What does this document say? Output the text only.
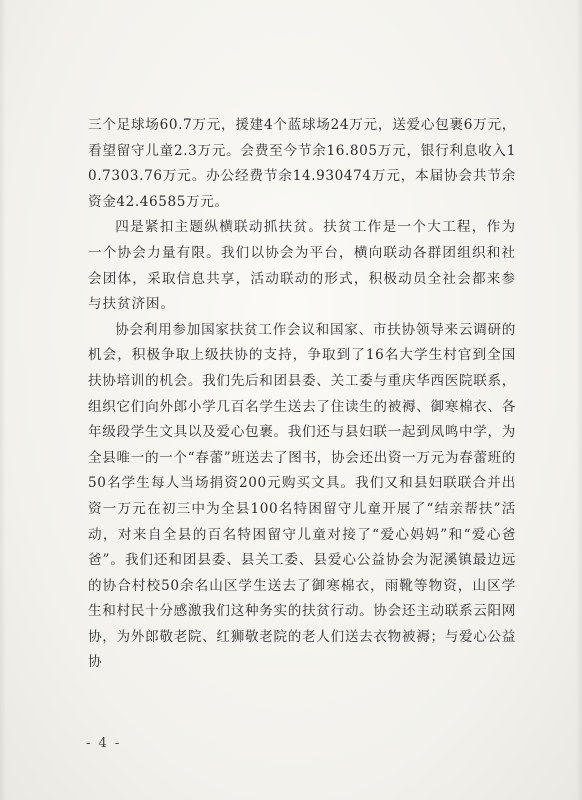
三个足球场60.7万元，援建4个蓝球场24万元，送爱心包裹6万元，看望留守儿童2.3万元。会费至今节余16.805万元，银行利息收入10.7303.76万元。办公经费节余14.930474万元，本届协会共节余资金42.46585万元。

四是紧扣主题纵横联动抓扶贫。扶贫工作是一个大工程，作为一个协会力量有限。我们以协会为平台，横向联动各群团组织和社会团体，采取信息共享，活动联动的形式，积极动员全社会都来参与扶贫济困。

协会利用参加国家扶贫工作会议和国家、市扶协领导来云调研的机会，积极争取上级扶协的支持，争取到了16名大学生村官到全国扶协培训的机会。我们先后和团县委、关工委与重庆华西医院联系，组织它们向外郎小学几百名学生送去了住读生的被褥、御寒棉衣、各年级段学生文具以及爱心包裹。我们还与县妇联一起到凤鸣中学，为全县唯一的一个“春蕾”班送去了图书，协会还出资一万元为春蕾班的50名学生每人当场捐资200元购买文具。我们又和县妇联联合并出资一万元在初三中为全县100名特困留守儿童开展了“结亲帮扶”活动，对来自全县的百名特困留守儿童对接了“爱心妈妈”和“爱心爸爸”。我们还和团县委、县关工委、县爱心公益协会为泥溪镇最边远的协合村校50余名山区学生送去了御寒棉衣，雨靴等物资，山区学生和村民十分感激我们这种务实的扶贫行动。协会还主动联系云阳网协，为外郎敬老院、红狮敬老院的老人们送去衣物被褥；与爱心公益协

- 4 -
